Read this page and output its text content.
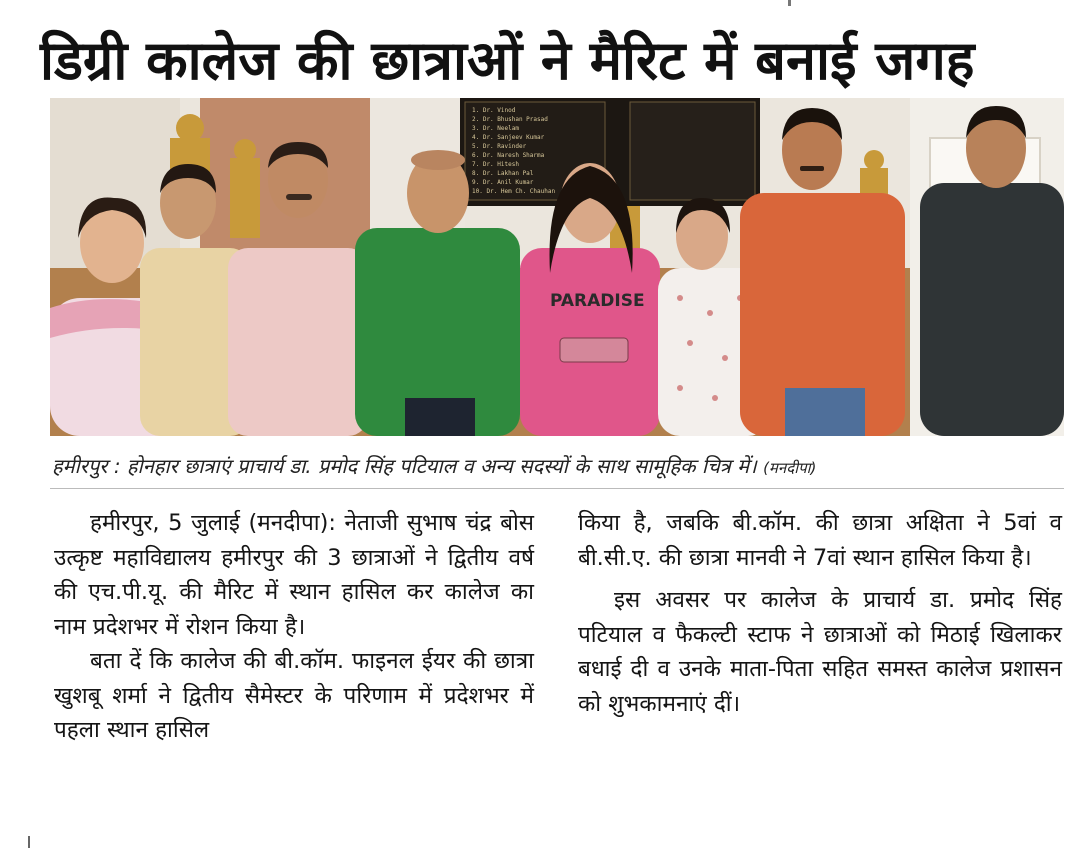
डिग्री कालेज की छात्राओं ने मैरिट में बनाई जगह
1. Dr. Vinod
2. Dr. Bhushan Prasad
3. Dr. Neelam
4. Dr. Sanjeev Kumar
5. Dr. Ravinder
6. Dr. Naresh Sharma
7. Dr. Hitesh
8. Dr. Lakhan Pal
9. Dr. Anil Kumar
10. Dr. Hem Ch. Chauhan
PARADISE
हमीरपुर : होनहार छात्राएं प्राचार्य डा. प्रमोद सिंह पटियाल व अन्य सदस्यों के साथ सामूहिक चित्र में। (मनदीपा)

हमीरपुर, 5 जुलाई (मनदीपा): नेताजी सुभाष चंद्र बोस उत्कृष्ट महाविद्यालय हमीरपुर की 3 छात्राओं ने द्वितीय वर्ष की एच.पी.यू. की मैरिट में स्थान हासिल कर कालेज का नाम प्रदेशभर में रोशन किया है।

बता दें कि कालेज की बी.कॉम. फाइनल ईयर की छात्रा खुशबू शर्मा ने द्वितीय सैमेस्टर के परिणाम में प्रदेशभर में पहला स्थान हासिल

किया है, जबकि बी.कॉम. की छात्रा अक्षिता ने 5वां व बी.सी.ए. की छात्रा मानवी ने 7वां स्थान हासिल किया है।

इस अवसर पर कालेज के प्राचार्य डा. प्रमोद सिंह पटियाल व फैकल्टी स्टाफ ने छात्राओं को मिठाई खिलाकर बधाई दी व उनके माता-पिता सहित समस्त कालेज प्रशासन को शुभकामनाएं दीं।
